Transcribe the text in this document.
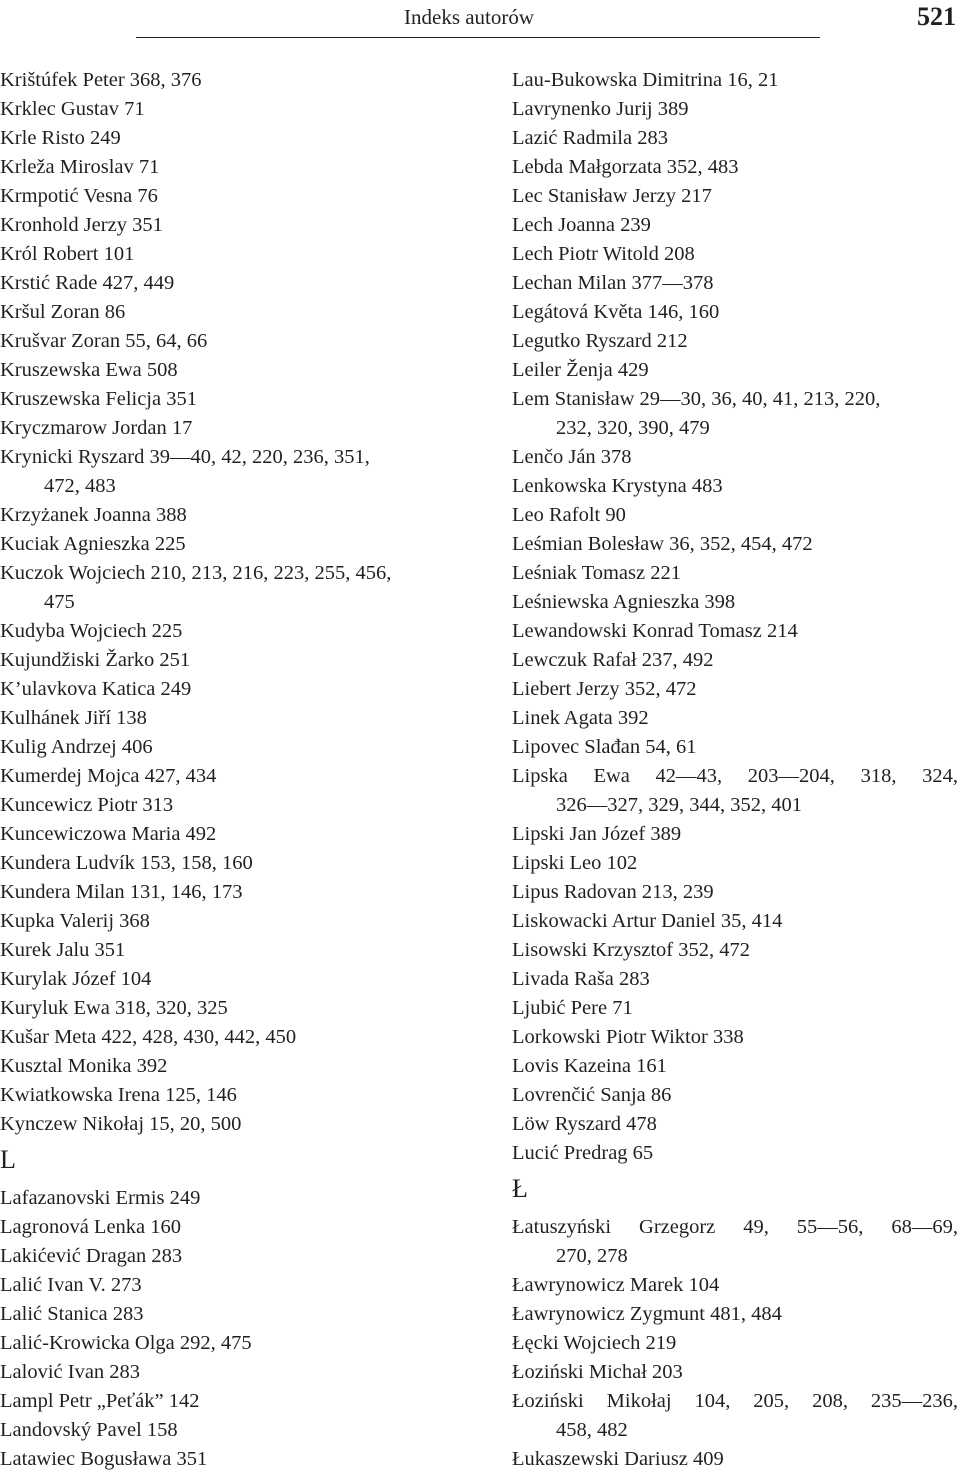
Indeks autorów	521
Krištúfek Peter 368, 376
Krklec Gustav 71
Krle Risto 249
Krleža Miroslav 71
Krmpotić Vesna 76
Kronhold Jerzy 351
Król Robert 101
Krstić Rade 427, 449
Kršul Zoran 86
Krušvar Zoran 55, 64, 66
Kruszewska Ewa 508
Kruszewska Felicja 351
Kryczmarow Jordan 17
Krynicki Ryszard 39—40, 42, 220, 236, 351,
472, 483
Krzyżanek Joanna 388
Kuciak Agnieszka 225
Kuczok Wojciech 210, 213, 216, 223, 255, 456,
475
Kudyba Wojciech 225
Kujundžiski Žarko 251
K’ulavkova Katica 249
Kulhánek Jiří 138
Kulig Andrzej 406
Kumerdej Mojca 427, 434
Kuncewicz Piotr 313
Kuncewiczowa Maria 492
Kundera Ludvík 153, 158, 160
Kundera Milan 131, 146, 173
Kupka Valerij 368
Kurek Jalu 351
Kurylak Józef 104
Kuryluk Ewa 318, 320, 325
Kušar Meta 422, 428, 430, 442, 450
Kusztal Monika 392
Kwiatkowska Irena 125, 146
Kynczew Nikołaj 15, 20, 500
L
Lafazanovski Ermis 249
Lagronová Lenka 160
Lakićević Dragan 283
Lalić Ivan V. 273
Lalić Stanica 283
Lalić-Krowicka Olga 292, 475
Lalović Ivan 283
Lampl Petr „Peťák” 142
Landovský Pavel 158
Latawiec Bogusława 351
Lau-Bukowska Dimitrina 16, 21
Lavrynenko Jurij 389
Lazić Radmila 283
Lebda Małgorzata 352, 483
Lec Stanisław Jerzy 217
Lech Joanna 239
Lech Piotr Witold 208
Lechan Milan 377—378
Legátová Květa 146, 160
Legutko Ryszard 212
Leiler Ženja 429
Lem Stanisław 29—30, 36, 40, 41, 213, 220,
232, 320, 390, 479
Lenčo Ján 378
Lenkowska Krystyna 483
Leo Rafolt 90
Leśmian Bolesław 36, 352, 454, 472
Leśniak Tomasz 221
Leśniewska Agnieszka 398
Lewandowski Konrad Tomasz 214
Lewczuk Rafał 237, 492
Liebert Jerzy 352, 472
Linek Agata 392
Lipovec Slađan 54, 61
Lipska Ewa 42—43, 203—204, 318, 324,
326—327, 329, 344, 352, 401
Lipski Jan Józef 389
Lipski Leo 102
Lipus Radovan 213, 239
Liskowacki Artur Daniel 35, 414
Lisowski Krzysztof 352, 472
Livada Raša 283
Ljubić Pere 71
Lorkowski Piotr Wiktor 338
Lovis Kazeina 161
Lovrenčić Sanja 86
Löw Ryszard 478
Lucić Predrag 65
Ł
Łatuszyński Grzegorz 49, 55—56, 68—69,
270, 278
Ławrynowicz Marek 104
Ławrynowicz Zygmunt 481, 484
Łęcki Wojciech 219
Łoziński Michał 203
Łoziński Mikołaj 104, 205, 208, 235—236,
458, 482
Łukaszewski Dariusz 409
